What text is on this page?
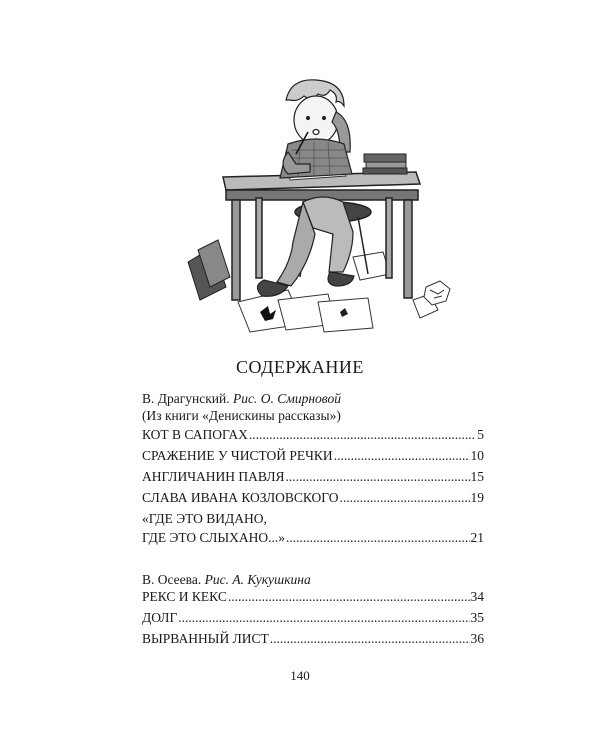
СОДЕРЖАНИЕ
В. Драгунский. Рис. О. Смирновой
(Из книги «Денискины рассказы»)
КОТ В САПОГАХ .....	5
СРАЖЕНИЕ У ЧИСТОЙ РЕЧКИ .....	10
АНГЛИЧАНИН ПАВЛЯ .....	15
СЛАВА ИВАНА КОЗЛОВСКОГО .....	19
«ГДЕ ЭТО ВИДАНО,
ГДЕ ЭТО СЛЫХАНО...» .....	21
В. Осеева. Рис. А. Кукушкина
РЕКС И КЕКС .....	34
ДОЛГ .....	35
ВЫРВАННЫЙ ЛИСТ .....	36
140
